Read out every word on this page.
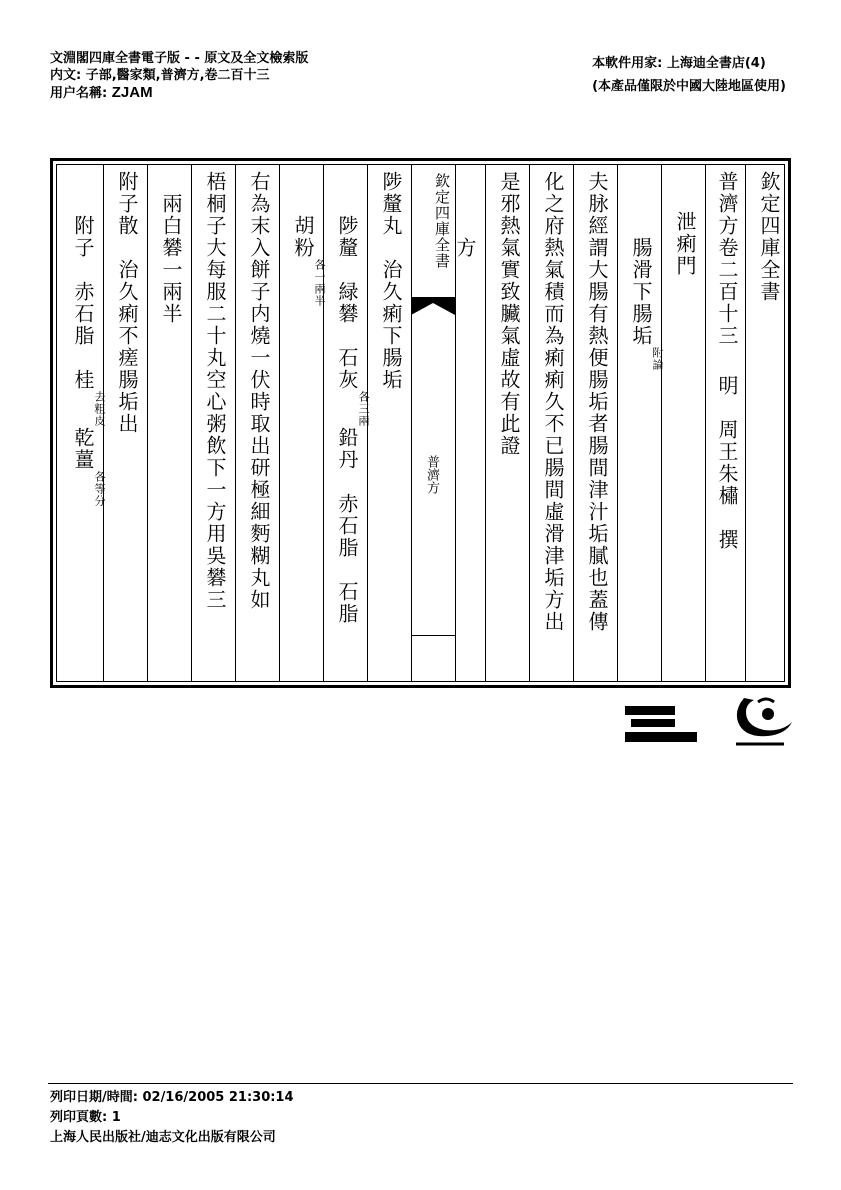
文淵閣四庫全書電子版 - - 原文及全文檢索版
内文: 子部,醫家類,普濟方,卷二百十三
用户名稱: ZJAM
本軟件用家: 上海迪全書店(4)
(本產品僅限於中國大陸地區使用)
欽定四庫全書
普濟方卷二百十三明　周王朱橚　撰
泄痢門
腸滑下腸垢附論
夫脉經謂大腸有熱便腸垢者腸間津汁垢膩也蓋傳
化之府熱氣積而為痢痢久不已腸間虛滑津垢方出
是邪熱氣實致臟氣虛故有此證
方
欽定四庫全書
普濟方
陟釐丸　治久痢下腸垢
陟釐　緑礬　石灰各三兩鉛丹　赤石脂　石脂
胡粉各一兩半
右為末入餅子内燒一伏時取出研極細麪糊丸如
梧桐子大每服二十丸空心粥飲下一方用吳礬三
兩白礬一兩半
附子散　治久痢不瘥腸垢出
附子　赤石脂　桂去粗皮乾薑各等分
列印日期/時間: 02/16/2005 21:30:14
列印頁數: 1
上海人民出版社/迪志文化出版有限公司
